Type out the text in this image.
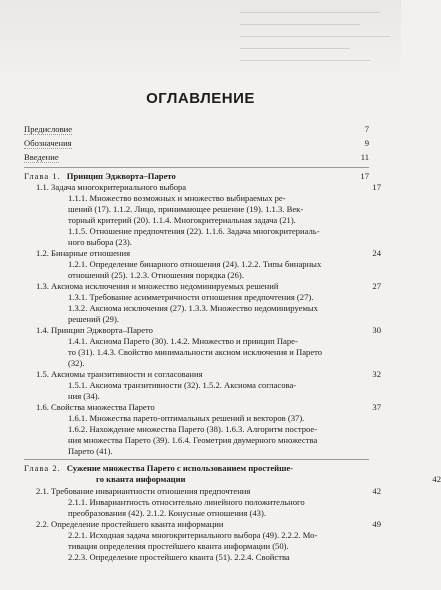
ОГЛАВЛЕНИЕ
Предисловие	7
Обозначения	9
Введение	11
Глава 1. Принцип Эджворта–Парето	17
1.1. Задача многокритериального выбора	17
1.1.1. Множество возможных и множество выбираемых ре-
шений (17). 1.1.2. Лицо, принимающее решение (19). 1.1.3. Век-
торный критерий (20). 1.1.4. Многокритериальная задача (21).
1.1.5. Отношение предпочтения (22). 1.1.6. Задача многокритериаль-
ного выбора (23).
1.2. Бинарные отношения	24
1.2.1. Определение бинарного отношения (24). 1.2.2. Типы бинарных
отношений (25). 1.2.3. Отношения порядка (26).
1.3. Аксиома исключения и множество недоминируемых решений	27
1.3.1. Требование асимметричности отношения предпочтения (27).
1.3.2. Аксиома исключения (27). 1.3.3. Множество недоминируемых
решений (29).
1.4. Принцип Эджворта–Парето	30
1.4.1. Аксиома Парето (30). 1.4.2. Множество и принцип Паре-
то (31). 1.4.3. Свойство минимальности аксиом исключения и Парето
(32).
1.5. Аксиомы транзитивности и согласования	32
1.5.1. Аксиома транзитивности (32). 1.5.2. Аксиома согласова-
ния (34).
1.6. Свойства множества Парето	37
1.6.1. Множества парето-оптимальных решений и векторов (37).
1.6.2. Нахождение множества Парето (38). 1.6.3. Алгоритм построе-
ния множества Парето (39). 1.6.4. Геометрия двумерного множества
Парето (41).
Глава 2. Сужение множества Парето с использованием простейше-
го кванта информации	42
2.1. Требование инвариантности отношения предпочтения	42
2.1.1. Инвариантность относительно линейного положительного
преобразования (42). 2.1.2. Конусные отношения (43).
2.2. Определение простейшего кванта информации	49
2.2.1. Исходная задача многокритериального выбора (49). 2.2.2. Мо-
тивация определения простейшего кванта информации (50).
2.2.3. Определение простейшего кванта (51). 2.2.4. Свойства
